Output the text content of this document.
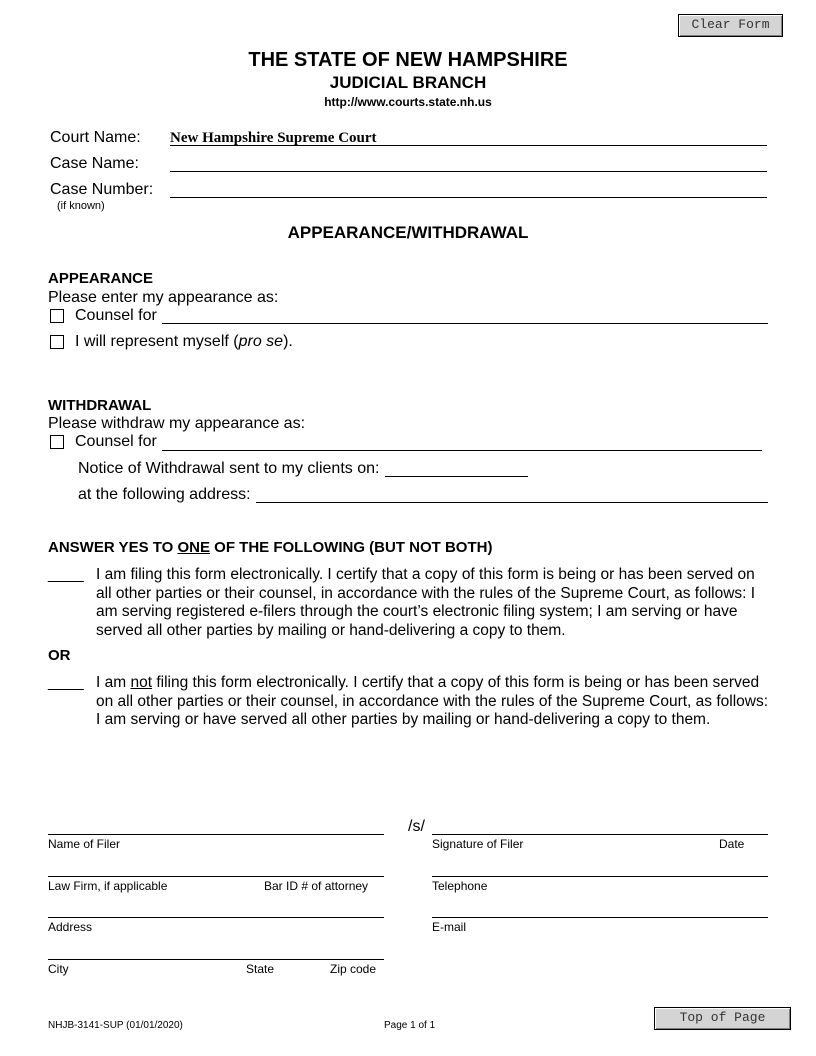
Clear Form
THE STATE OF NEW HAMPSHIRE
JUDICIAL BRANCH
http://www.courts.state.nh.us
Court Name:
New Hampshire Supreme Court
Case Name:
Case Number:
(if known)
APPEARANCE/WITHDRAWAL
APPEARANCE
Please enter my appearance as:
Counsel for
I will represent myself (pro se).
WITHDRAWAL
Please withdraw my appearance as:
Counsel for
Notice of Withdrawal sent to my clients on:
at the following address:
ANSWER YES TO ONE OF THE FOLLOWING (BUT NOT BOTH)
____ I am filing this form electronically. I certify that a copy of this form is being or has been served on all other parties or their counsel, in accordance with the rules of the Supreme Court, as follows: I am serving registered e-filers through the court’s electronic filing system; I am serving or have served all other parties by mailing or hand-delivering a copy to them.
OR
____ I am not filing this form electronically. I certify that a copy of this form is being or has been served on all other parties or their counsel, in accordance with the rules of the Supreme Court, as follows: I am serving or have served all other parties by mailing or hand-delivering a copy to them.
/s/
Name of Filer	Signature of Filer	Date
Law Firm, if applicable	Bar ID # of attorney	Telephone
Address	E-mail
City	State	Zip code
NHJB-3141-SUP (01/01/2020)	Page 1 of 1
Top of Page
